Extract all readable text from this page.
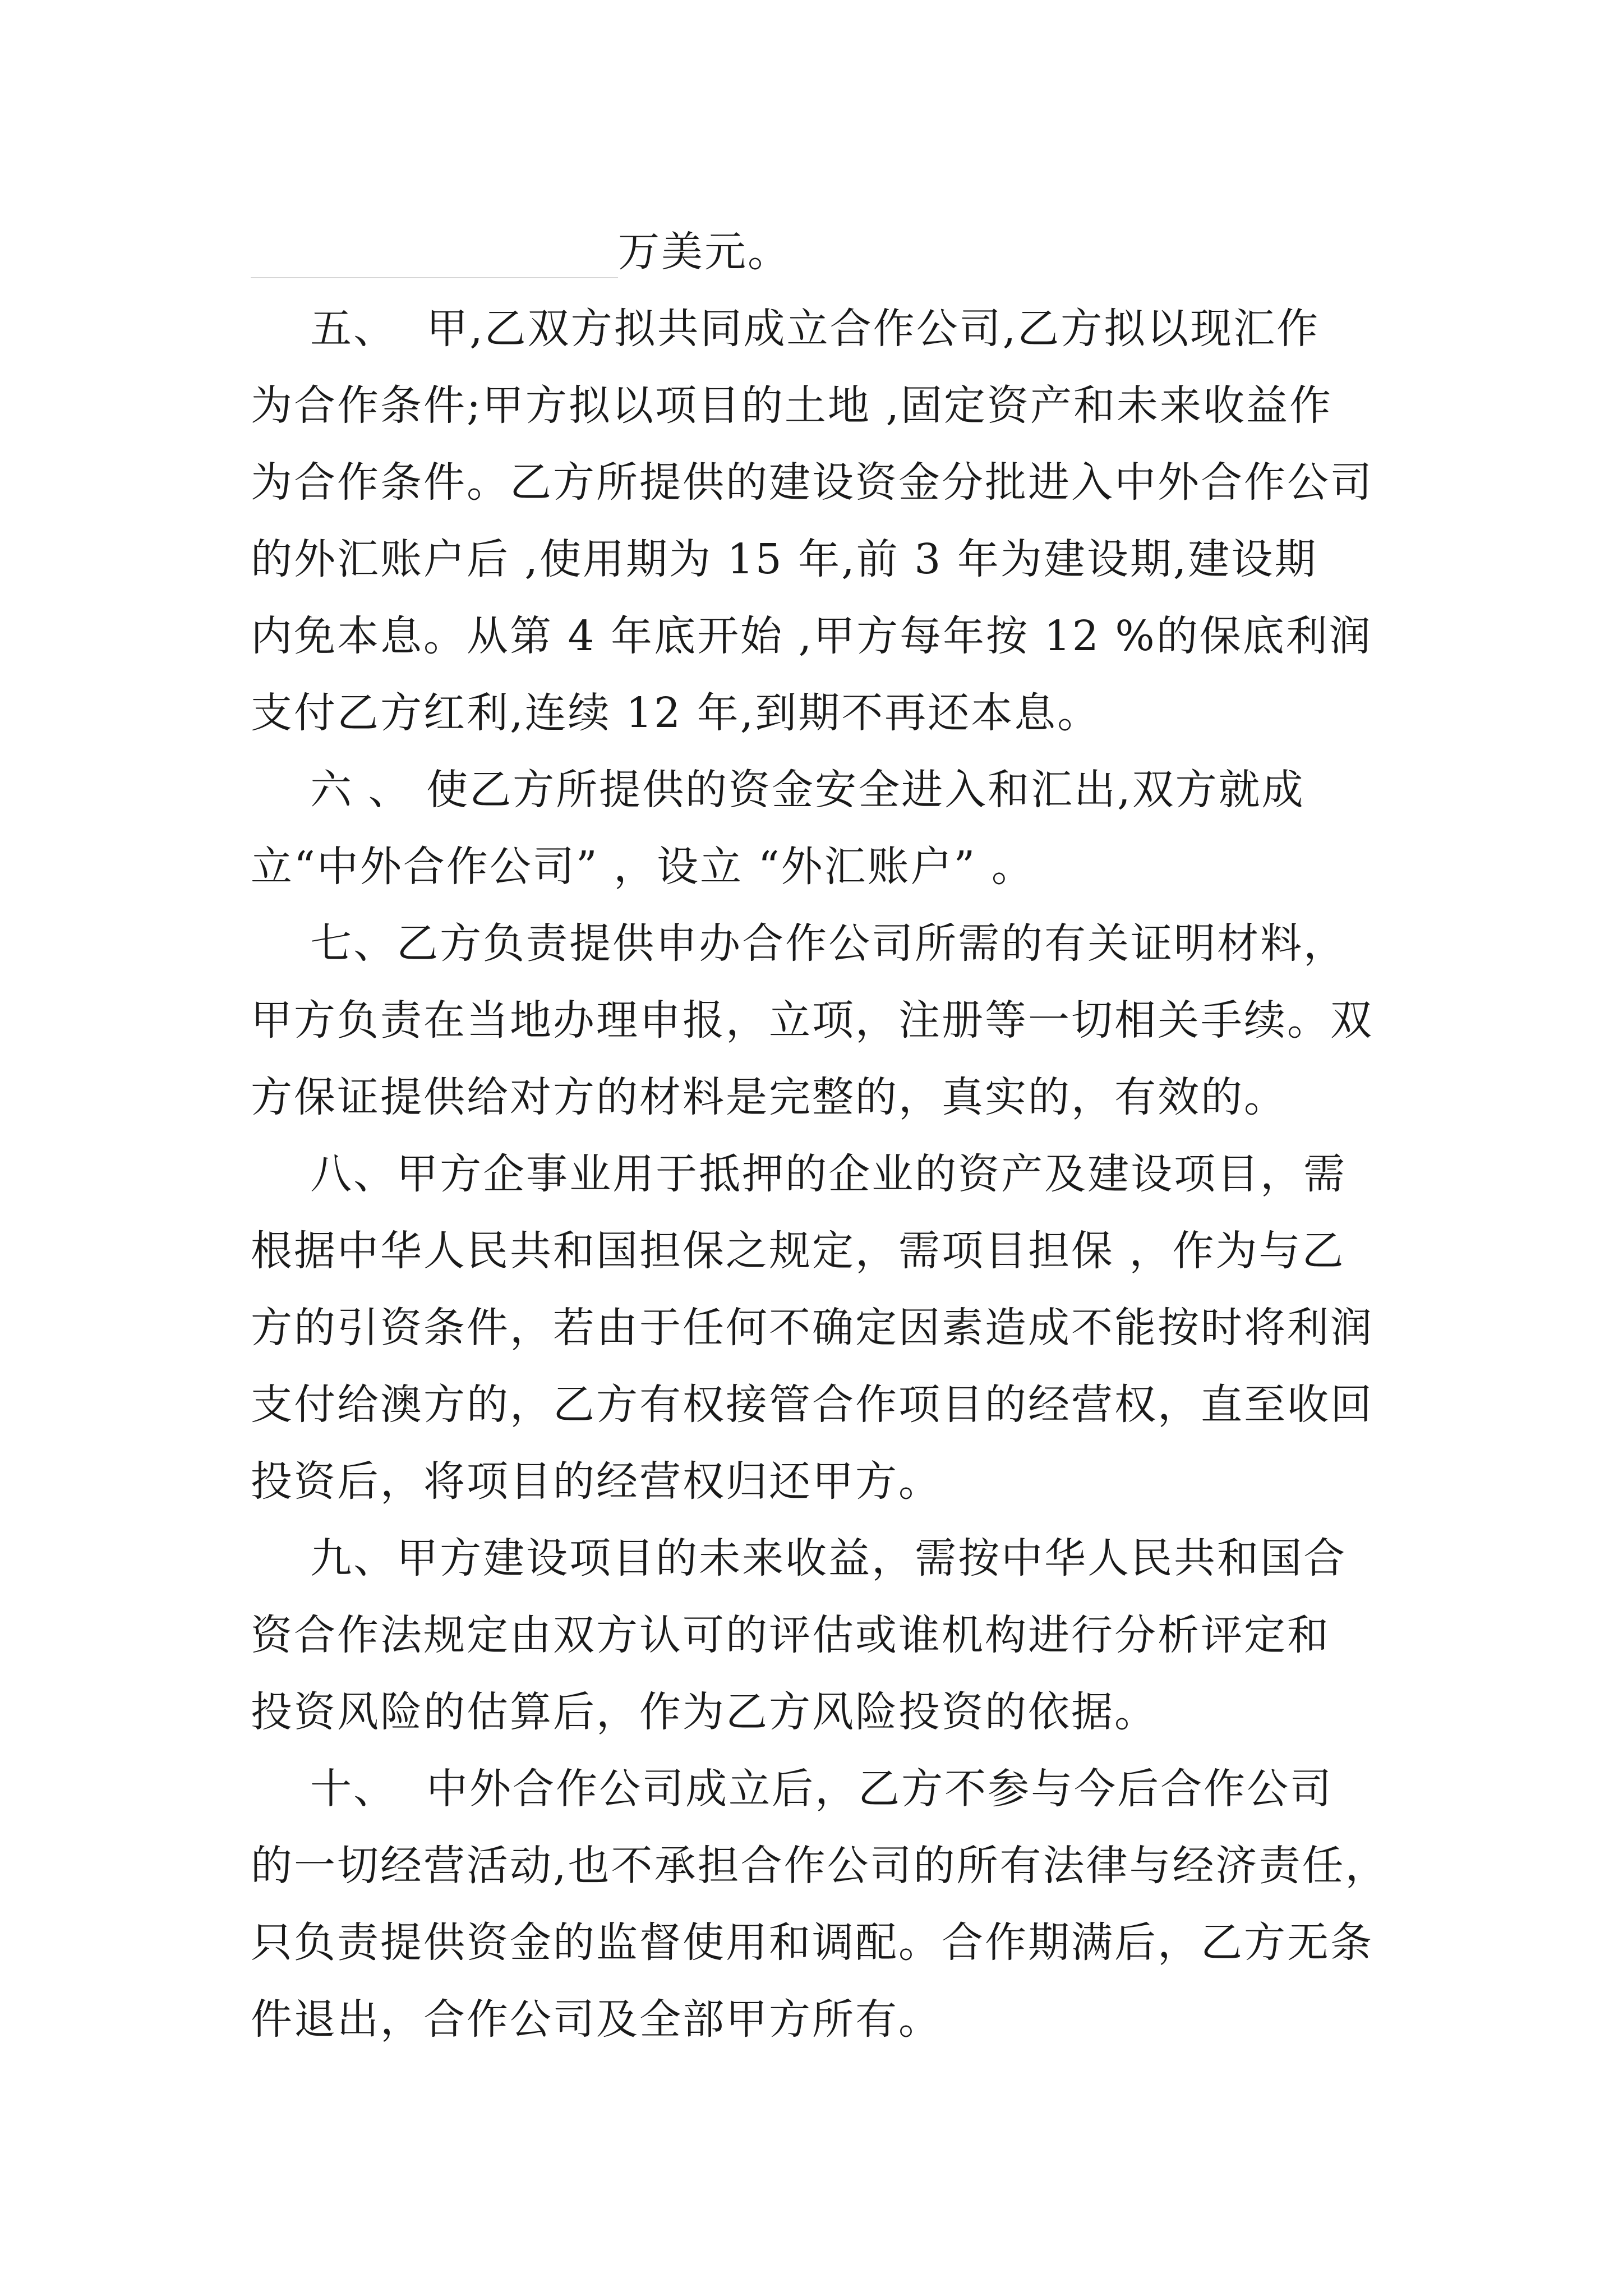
万美元。
五、  甲,乙双方拟共同成立合作公司,乙方拟以现汇作
为合作条件;甲方拟以项目的土地 ,固定资产和未来收益作
为合作条件。乙方所提供的建设资金分批进入中外合作公司
的外汇账户后 ,使用期为 15 年,前 3 年为建设期,建设期
内免本息。从第 4 年底开始 ,甲方每年按 12 %的保底利润
支付乙方红利,连续 12 年,到期不再还本息。
六 、 使乙方所提供的资金安全进入和汇出,双方就成
立“中外合作公司” ，设立 “外汇账户” 。
七、乙方负责提供申办合作公司所需的有关证明材料，
甲方负责在当地办理申报，立项，注册等一切相关手续。双
方保证提供给对方的材料是完整的，真实的，有效的。
八、甲方企事业用于抵押的企业的资产及建设项目，需
根据中华人民共和国担保之规定，需项目担保 ，作为与乙
方的引资条件，若由于任何不确定因素造成不能按时将利润
支付给澳方的，乙方有权接管合作项目的经营权，直至收回
投资后，将项目的经营权归还甲方。
九、甲方建设项目的未来收益，需按中华人民共和国合
资合作法规定由双方认可的评估或谁机构进行分析评定和
投资风险的估算后，作为乙方风险投资的依据。
十、  中外合作公司成立后，乙方不参与今后合作公司
的一切经营活动,也不承担合作公司的所有法律与经济责任，
只负责提供资金的监督使用和调配。合作期满后，乙方无条
件退出，合作公司及全部甲方所有。
